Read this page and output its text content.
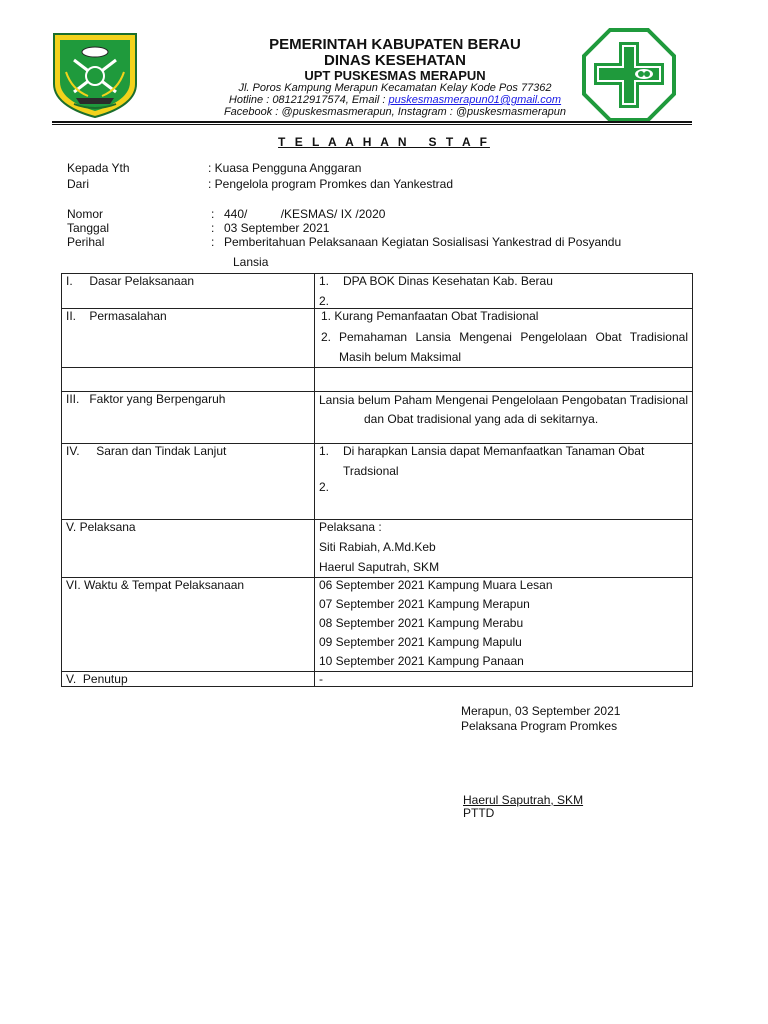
PEMERINTAH KABUPATEN BERAU
DINAS KESEHATAN
UPT PUSKESMAS MERAPUN
Jl. Poros Kampung Merapun Kecamatan Kelay Kode Pos 77362
Hotline : 081212917574, Email : puskesmasmerapun01@gmail.com
Facebook : @puskesmasmerapun, Instagram : @puskesmasmerapun
T E L A A H A N   S T A F
Kepada Yth	: Kuasa Pengguna Anggaran
Dari	: Pengelola program Promkes dan Yankestrad
Nomor	: 440/          /KESMAS/ IX /2020
Tanggal	: 03 September 2021
Perihal	: Pemberitahuan Pelaksanaan Kegiatan Sosialisasi Yankestrad di Posyandu
Lansia
I.     Dasar Pelaksanaan	1. DPA BOK Dinas Kesehatan Kab. Berau
2.

II.    Permasalahan	1. Kurang Pemanfaatan Obat Tradisional
2. Pemahaman Lansia Mengenai Pengelolaan Obat Tradisional Masih belum Maksimal

III.   Faktor yang Berpengaruh	Lansia belum Paham Mengenai Pengelolaan Pengobatan Tradisional dan Obat tradisional yang ada di sekitarnya.

IV.     Saran dan Tindak Lanjut	1. Di harapkan Lansia dapat Memanfaatkan Tanaman Obat Tradsional
2.

V. Pelaksana	Pelaksana :
Siti Rabiah, A.Md.Keb
Haerul Saputrah, SKM

VI. Waktu & Tempat Pelaksanaan	06 September 2021 Kampung Muara Lesan
07 September 2021 Kampung Merapun
08 September 2021 Kampung Merabu
09 September 2021 Kampung Mapulu
10 September 2021 Kampung Panaan

V.  Penutup	-
Merapun, 03 September 2021
Pelaksana Program Promkes
Haerul Saputrah, SKM
PTTD
